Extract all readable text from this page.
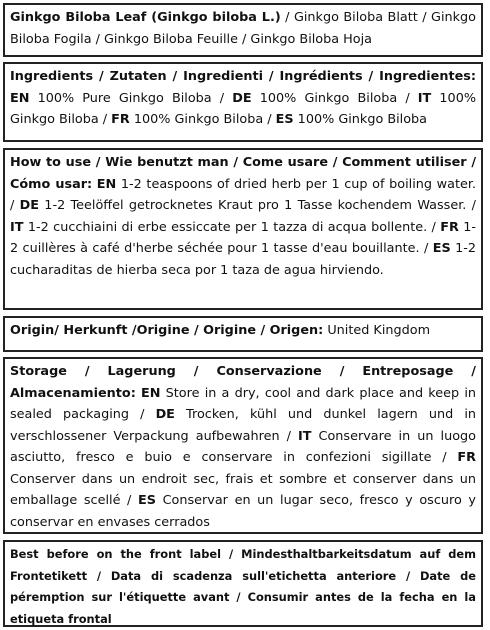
Ginkgo Biloba Leaf (Ginkgo biloba L.) / Ginkgo Biloba Blatt / Ginkgo Biloba Fogila / Ginkgo Biloba Feuille / Ginkgo Biloba Hoja
Ingredients / Zutaten / Ingredienti / Ingrédients / Ingredientes: EN 100% Pure Ginkgo Biloba / DE 100% Ginkgo Biloba / IT 100% Ginkgo Biloba / FR 100% Ginkgo Biloba / ES 100% Ginkgo Biloba
How to use / Wie benutzt man / Come usare / Comment utiliser / Cómo usar: EN 1-2 teaspoons of dried herb per 1 cup of boiling water. / DE 1-2 Teelöffel getrocknetes Kraut pro 1 Tasse kochendem Wasser. / IT 1-2 cucchiaini di erbe essiccate per 1 tazza di acqua bollente. / FR 1-2 cuillères à café d'herbe séchée pour 1 tasse d'eau bouillante. / ES 1-2 cucharaditas de hierba seca por 1 taza de agua hirviendo.
Origin/ Herkunft /Origine / Origine / Origen: United Kingdom
Storage / Lagerung / Conservazione / Entreposage /
Almacenamiento: EN Store in a dry, cool and dark place and keep in sealed packaging / DE Trocken, kühl und dunkel lagern und in verschlossener Verpackung aufbewahren / IT Conservare in un luogo asciutto, fresco e buio e conservare in confezioni sigillate / FR Conserver dans un endroit sec, frais et sombre et conserver dans un emballage scellé / ES Conservar en un lugar seco, fresco y oscuro y conservar en envases cerrados
Best before on the front label / Mindesthaltbarkeitsdatum auf dem Frontetikett / Data di scadenza sull'etichetta anteriore / Date de péremption sur l'étiquette avant / Consumir antes de la fecha en la etiqueta frontal
